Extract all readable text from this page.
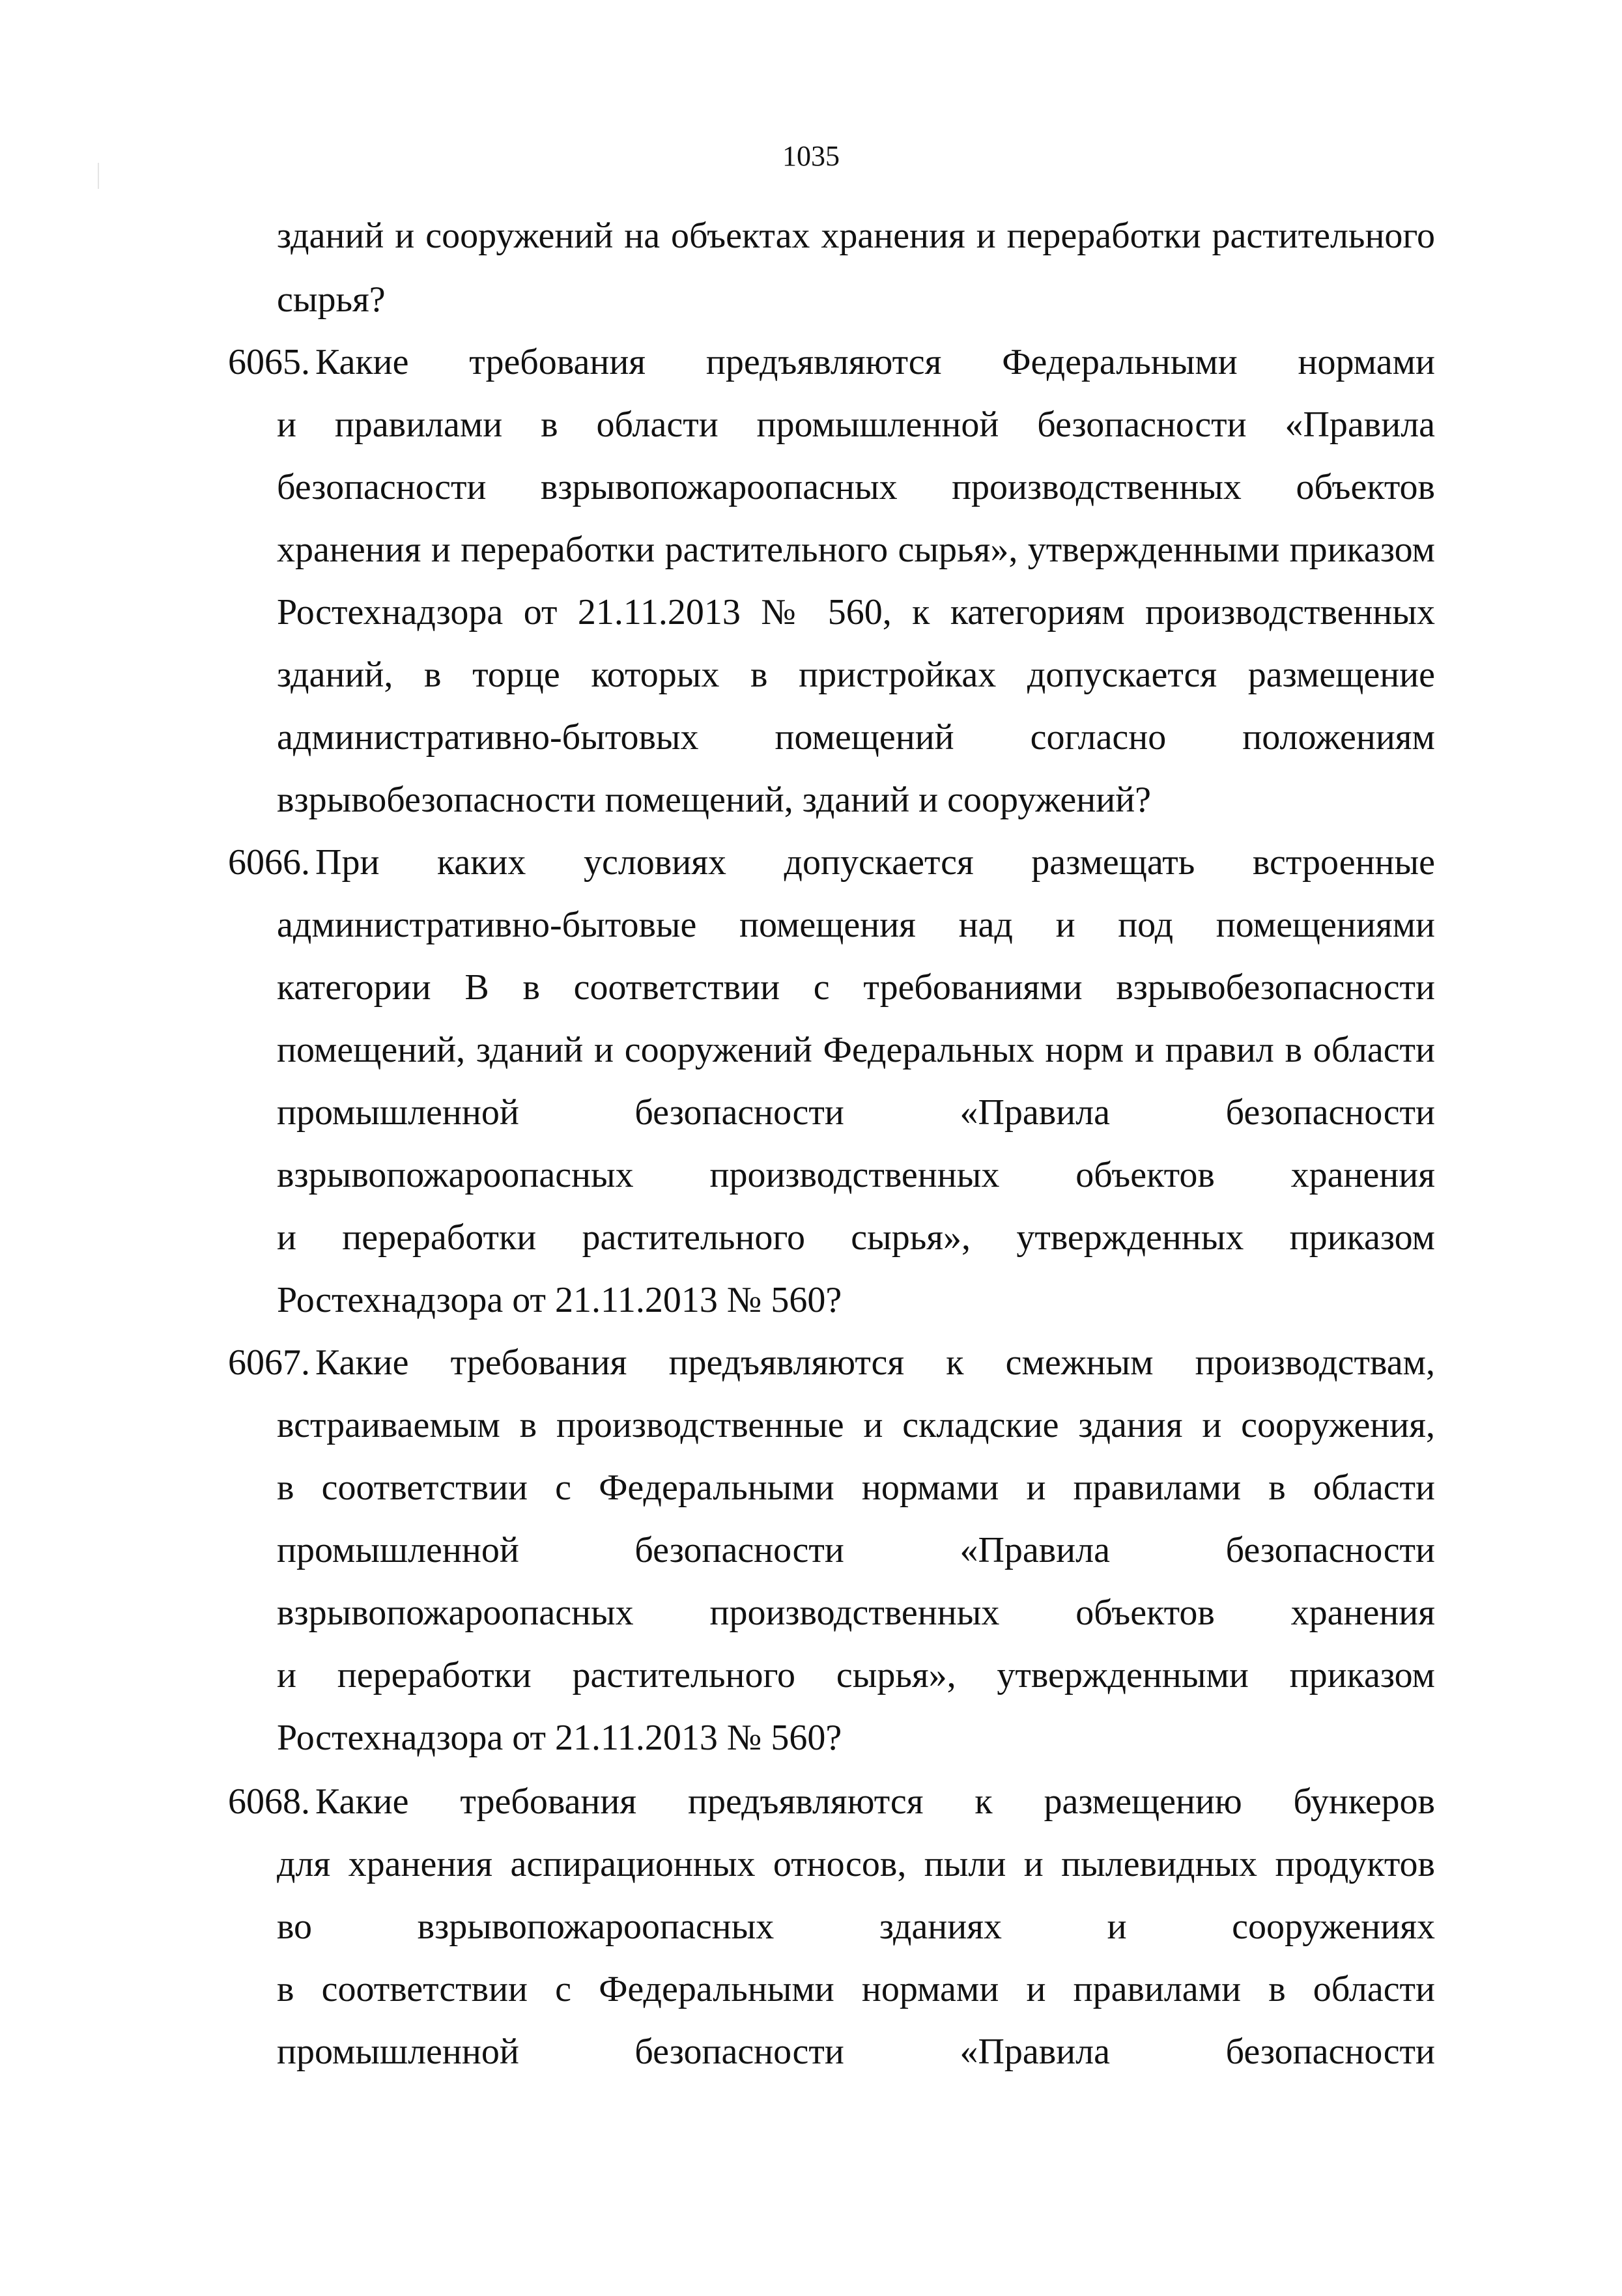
1035
зданий и сооружений на объектах хранения и переработки растительного
сырья?
6065. Какие требования предъявляются Федеральными нормами
и правилами в области промышленной безопасности «Правила
безопасности взрывопожароопасных производственных объектов
хранения и переработки растительного сырья», утвержденными приказом
Ростехнадзора от 21.11.2013 № 560, к категориям производственных
зданий, в торце которых в пристройках допускается размещение
административно-бытовых помещений согласно положениям
взрывобезопасности помещений, зданий и сооружений?
6066. При каких условиях допускается размещать встроенные
административно-бытовые помещения над и под помещениями
категории В в соответствии с требованиями взрывобезопасности
помещений, зданий и сооружений Федеральных норм и правил в области
промышленной безопасности «Правила безопасности
взрывопожароопасных производственных объектов хранения
и переработки растительного сырья», утвержденных приказом
Ростехнадзора от 21.11.2013 № 560?
6067. Какие требования предъявляются к смежным производствам,
встраиваемым в производственные и складские здания и сооружения,
в соответствии с Федеральными нормами и правилами в области
промышленной безопасности «Правила безопасности
взрывопожароопасных производственных объектов хранения
и переработки растительного сырья», утвержденными приказом
Ростехнадзора от 21.11.2013 № 560?
6068. Какие требования предъявляются к размещению бункеров
для хранения аспирационных относов, пыли и пылевидных продуктов
во взрывопожароопасных зданиях и сооружениях
в соответствии с Федеральными нормами и правилами в области
промышленной безопасности «Правила безопасности
